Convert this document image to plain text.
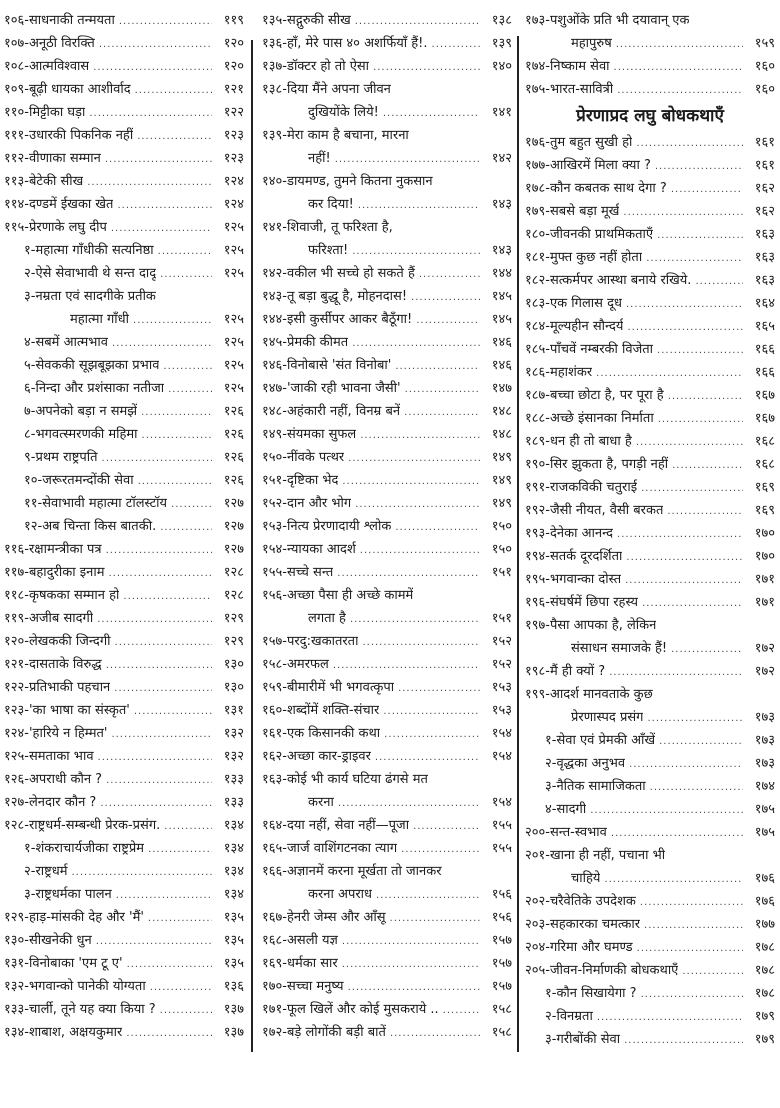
१०६- साधनाकी तन्मयता .....	११९
१०७- अनूठी विरक्ति .....	१२०
१०८- आत्मविश्वास .....	१२०
१०९- बूढ़ी धायका आशीर्वाद .....	१२१
११०- मिट्टीका घड़ा .....	१२२
१११- उधारकी पिकनिक नहीं .....	१२३
११२- वीणाका सम्मान .....	१२३
११३- बेटेकी सीख .....	१२४
११४- दण्डमें ईखका खेत .....	१२४
११५- प्रेरणाके लघु दीप .....	१२५
१- महात्मा गाँधीकी सत्यनिष्ठा .....	१२५
२- ऐसे सेवाभावी थे सन्त दादू .....	१२५
३- नम्रता एवं सादगीके प्रतीक
महात्मा गाँधी .....	१२५
४- सबमें आत्मभाव .....	१२५
५- सेवककी सूझबूझका प्रभाव .....	१२५
६- निन्दा और प्रशंसाका नतीजा .....	१२५
७- अपनेको बड़ा न समझें .....	१२६
८- भगवत्स्मरणकी महिमा .....	१२६
९- प्रथम राष्ट्रपति .....	१२६
१०- जरूरतमन्दोंकी सेवा .....	१२६
११- सेवाभावी महात्मा टॉलस्टॉय .....	१२७
१२- अब चिन्ता किस बातकी. .....	१२७
११६- रक्षामन्त्रीका पत्र .....	१२७
११७- बहादुरीका इनाम .....	१२८
११८- कृषकका सम्मान हो .....	१२८
११९- अजीब सादगी .....	१२९
१२०- लेखककी जिन्दगी .....	१२९
१२१- दासताके विरुद्ध .....	१३०
१२२- प्रतिभाकी पहचान .....	१३०
१२३- 'का भाषा का संस्कृत' .....	१३१
१२४- 'हारिये न हिम्मत' .....	१३२
१२५- समताका भाव .....	१३२
१२६- अपराधी कौन ? .....	१३३
१२७- लेनदार कौन ? .....	१३३
१२८- राष्ट्रधर्म-सम्बन्धी प्रेरक-प्रसंग. .....	१३४
१- शंकराचार्यजीका राष्ट्रप्रेम .....	१३४
२- राष्ट्रधर्म .....	१३४
३- राष्ट्रधर्मका पालन .....	१३४
१२९- हाड़-मांसकी देह और 'मैं' .....	१३५
१३०- सीखनेकी धुन .....	१३५
१३१- विनोबाका 'एम टू ए' .....	१३५
१३२- भगवान्को पानेकी योग्यता .....	१३६
१३३- चार्ली, तूने यह क्या किया ? .....	१३७
१३४- शाबाश, अक्षयकुमार .....	१३७
१३५- सद्गुरुकी सीख .....	१३८
१३६- हाँ, मेरे पास ४० अशर्फियाँ हैं!. .....	१३९
१३७- डॉक्टर हो तो ऐसा .....	१४०
१३८- दिया मैंने अपना जीवन
दुखियोंके लिये! .....	१४१
१३९- मेरा काम है बचाना, मारना
नहीं! .....	१४२
१४०- डायमण्ड, तुमने कितना नुकसान
कर दिया! .....	१४३
१४१- शिवाजी, तू फरिश्ता है,
फरिश्ता! .....	१४३
१४२- वकील भी सच्चे हो सकते हैं .....	१४४
१४३- तू बड़ा बुद्धू है, मोहनदास! .....	१४५
१४४- इसी कुर्सीपर आकर बैठूँगा! .....	१४५
१४५- प्रेमकी कीमत .....	१४६
१४६- विनोबासे 'संत विनोबा' .....	१४६
१४७- 'जाकी रही भावना जैसी' .....	१४७
१४८- अहंकारी नहीं, विनम्र बनें .....	१४८
१४९- संयमका सुफल .....	१४८
१५०- नींवके पत्थर .....	१४९
१५१- दृष्टिका भेद .....	१४९
१५२- दान और भोग .....	१४९
१५३- नित्य प्रेरणादायी श्लोक .....	१५०
१५४- न्यायका आदर्श .....	१५०
१५५- सच्चे सन्त .....	१५१
१५६- अच्छा पैसा ही अच्छे काममें
लगता है .....	१५१
१५७- परदु:खकातरता .....	१५२
१५८- अमरफल .....	१५२
१५९- बीमारीमें भी भगवत्कृपा .....	१५३
१६०- शब्दोंमें शक्ति-संचार .....	१५३
१६१- एक किसानकी कथा .....	१५४
१६२- अच्छा कार-ड्राइवर .....	१५४
१६३- कोई भी कार्य घटिया ढंगसे मत
करना .....	१५४
१६४- दया नहीं, सेवा नहीं—पूजा .....	१५५
१६५- जार्ज वाशिंगटनका त्याग .....	१५५
१६६- अज्ञानमें करना मूर्खता तो जानकर
करना अपराध .....	१५६
१६७- हेनरी जेम्स और आँसू .....	१५६
१६८- असली यज्ञ .....	१५७
१६९- धर्मका सार .....	१५७
१७०- सच्चा मनुष्य .....	१५७
१७१- फूल खिलें और कोई मुसकराये .. .....	१५८
१७२- बड़े लोगोंकी बड़ी बातें .....	१५८
१७३- पशुओंके प्रति भी दयावान् एक
महापुरुष .....	१५९
१७४- निष्काम सेवा .....	१६०
१७५- भारत-सावित्री .....	१६०
प्रेरणाप्रद लघु बोधकथाएँ
१७६- तुम बहुत सुखी हो .....	१६१
१७७- आखिरमें मिला क्या ? .....	१६१
१७८- कौन कबतक साथ देगा ? .....	१६२
१७९- सबसे बड़ा मूर्ख .....	१६२
१८०- जीवनकी प्राथमिकताएँ .....	१६३
१८१- मुफ्त कुछ नहीं होता .....	१६३
१८२- सत्कर्मपर आस्था बनाये रखिये. .....	१६३
१८३- एक गिलास दूध .....	१६४
१८४- मूल्यहीन सौन्दर्य .....	१६५
१८५- पाँचवें नम्बरकी विजेता .....	१६६
१८६- महाशंकर .....	१६६
१८७- बच्चा छोटा है, पर पूरा है .....	१६७
१८८- अच्छे इंसानका निर्माता .....	१६७
१८९- धन ही तो बाधा है .....	१६८
१९०- सिर झुकता है, पगड़ी नहीं .....	१६८
१९१- राजकविकी चतुराई .....	१६९
१९२- जैसी नीयत, वैसी बरकत .....	१६९
१९३- देनेका आनन्द .....	१७०
१९४- सतर्क दूरदर्शिता .....	१७०
१९५- भगवान्का दोस्त .....	१७१
१९६- संघर्षमें छिपा रहस्य .....	१७१
१९७- पैसा आपका है, लेकिन
संसाधन समाजके हैं! .....	१७२
१९८- मैं ही क्यों ? .....	१७२
१९९- आदर्श मानवताके कुछ
प्रेरणास्पद प्रसंग .....	१७३
१- सेवा एवं प्रेमकी आँखें .....	१७३
२- वृद्धका अनुभव .....	१७३
३- नैतिक सामाजिकता .....	१७४
४- सादगी .....	१७५
२००- सन्त-स्वभाव .....	१७५
२०१- खाना ही नहीं, पचाना भी
चाहिये .....	१७६
२०२- चरैवेतिके उपदेशक .....	१७६
२०३- सहकारका चमत्कार .....	१७७
२०४- गरिमा और घमण्ड .....	१७८
२०५- जीवन-निर्माणकी बोधकथाएँ .....	१७८
१- कौन सिखायेगा ? .....	१७८
२- विनम्रता .....	१७९
३- गरीबोंकी सेवा .....	१७९
